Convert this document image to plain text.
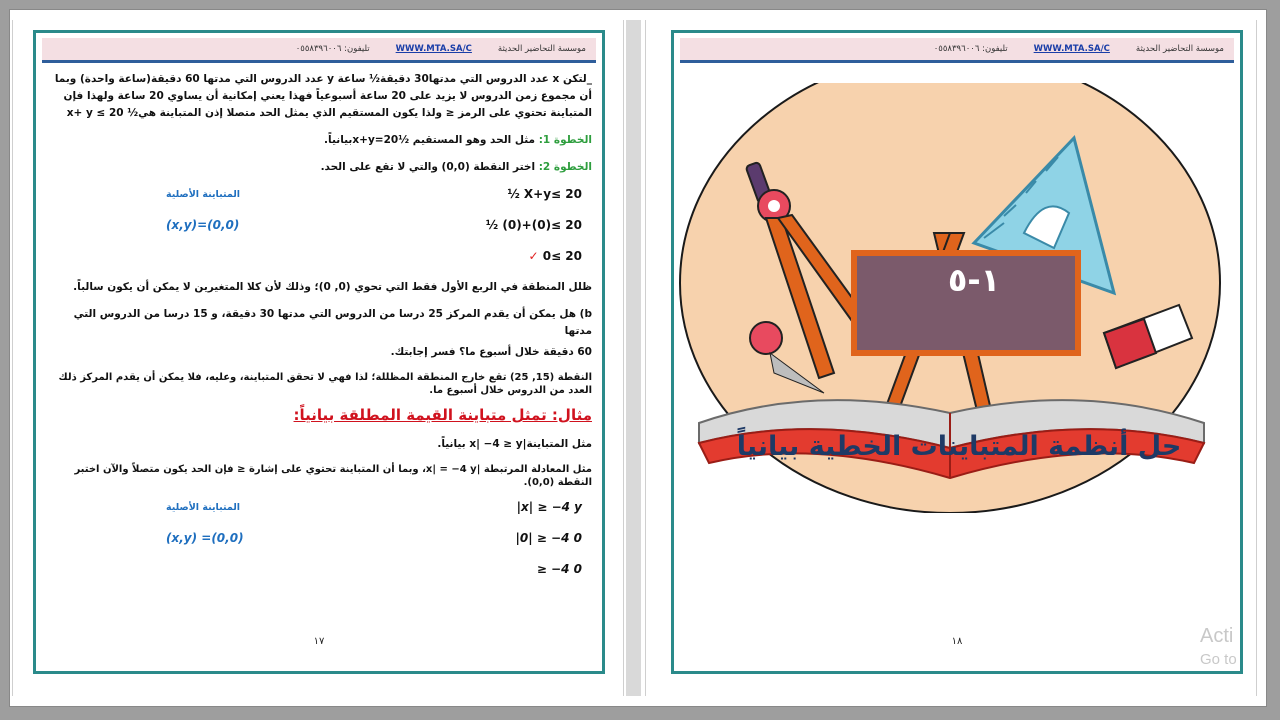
موسسة التحاضير الحديثة
WWW.MTA.SA/C
تليفون: ٠٥٥٨٣٩٦٠٠٦

_لتكن x عدد الدروس التي مدتها30 دقيقة½ ساعة y عدد الدروس التي مدتها 60 دقيقة(ساعة واحدة) وبما أن مجموع زمن الدروس لا يزيد على 20 ساعة أسبوعياً فهذا يعني إمكانية أن يساوي 20 ساعة ولهذا فإن المتباينة تحتوي على الرمز ≤ ولذا يكون المستقيم الذي يمثل الحد متصلا إذن المتباينة هي½ x+ y ≤ 20

الخطوة 1: مثل الحد وهو المستقيم ½x+y=20بيانياً.

الخطوة 2: اختر النقطة (0,0) والتي لا تقع على الحد.

½ X+y≤ 20
المتباينة الأصلية
½ (0)+(0)≤ 20
(x,y)=(0,0)
✓ 0≤ 20

ظلل المنطقة في الربع الأول فقط التي تحوي (0, 0)؛ وذلك لأن كلا المتغيرين لا يمكن أن يكون سالباً.

b) هل يمكن أن يقدم المركز 25 درسا من الدروس التي مدتها 30 دقيقة، و 15 درسا من الدروس التي مدتها

60 دقيقة خلال أسبوع ما؟ فسر إجابتك.

النقطة (15, 25) تقع خارج المنطقة المظللة؛ لذا فهي لا تحقق المتباينة، وعليه، فلا يمكن أن يقدم المركز ذلك العدد من الدروس خلال أسبوع ما.

مثال: تمثل متباينة القيمة المطلقة بيانياً:

مثل المتباينة|x| −4 ≥ y بيانياً.

مثل المعادلة المرتبطة |x| = −4 y، وبما أن المتباينة تحتوي على إشارة ≤ فإن الحد يكون متصلاً والآن اختبر النقطة (0,0).

|x| ≥ −4 y
المتباينة الأصلية
|0| ≥ −4 0
(x,y) =(0,0)
≥ −4 0
١٧
موسسة التحاضير الحديثة
WWW.MTA.SA/C
تليفون: ٠٥٥٨٣٩٦٠٠٦
١-٥
حل أنظمة المتباينات الخطية بيانياً
١٨	Acti
Go to
